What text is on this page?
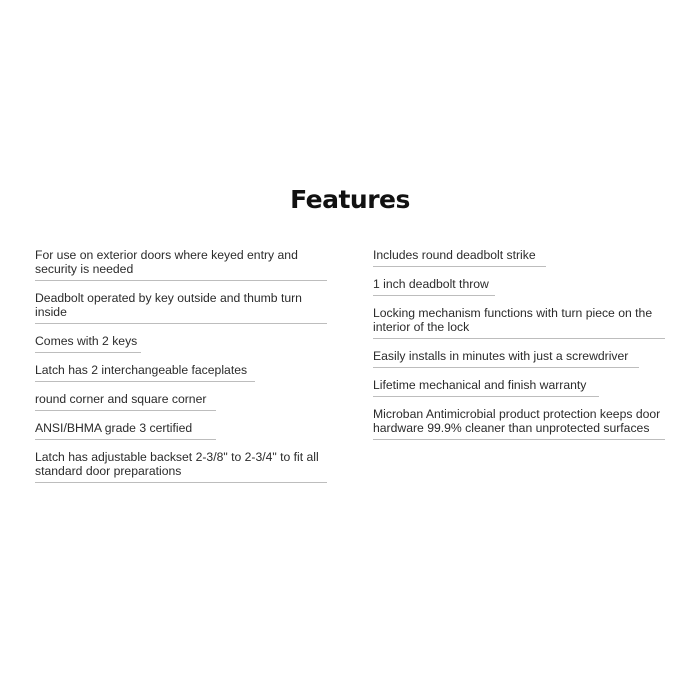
Features
For use on exterior doors where keyed entry and security is needed
Deadbolt operated by key outside and thumb turn inside
Comes with 2 keys
Latch has 2 interchangeable faceplates
round corner and square corner
ANSI/BHMA grade 3 certified
Latch has adjustable backset 2-3/8" to 2-3/4" to fit all standard door preparations
Includes round deadbolt strike
1 inch deadbolt throw
Locking mechanism functions with turn piece on the interior of the lock
Easily installs in minutes with just a screwdriver
Lifetime mechanical and finish warranty
Microban Antimicrobial product protection keeps door hardware 99.9% cleaner than unprotected surfaces
